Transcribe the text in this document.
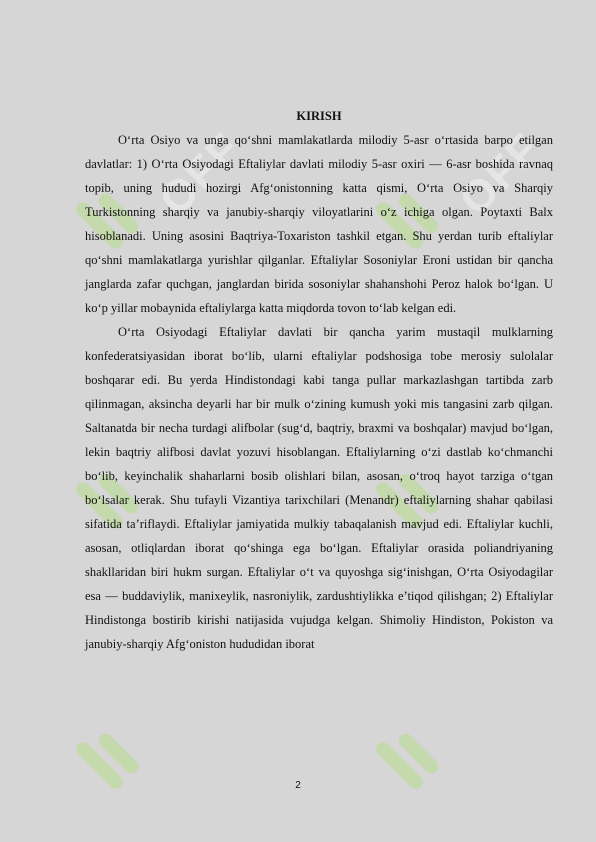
OFF	OFF
KIRISH

O‘rta Osiyo va unga qo‘shni mamlakatlarda milodiy 5-asr o‘rtasida barpo etilgan davlatlar: 1) O‘rta Osiyodagi Eftaliylar davlati milodiy 5-asr oxiri — 6-asr boshida ravnaq topib, uning hududi hozirgi Afg‘onistonning katta qismi, O‘rta Osiyo va Sharqiy Turkistonning sharqiy va janubiy-sharqiy viloyatlarini o‘z ichiga olgan. Poytaxti Balx hisoblanadi. Uning asosini Baqtriya-Toxariston tashkil etgan. Shu yerdan turib eftaliylar qo‘shni mamlakatlarga yurishlar qilganlar. Eftaliylar Sosoniylar Eroni ustidan bir qancha janglarda zafar quchgan, janglardan birida sosoniylar shahanshohi Peroz halok bo‘lgan. U ko‘p yillar mobaynida eftaliylarga katta miqdorda tovon to‘lab kelgan edi.

O‘rta Osiyodagi Eftaliylar davlati bir qancha yarim mustaqil mulklarning konfederatsiyasidan iborat bo‘lib, ularni eftaliylar podshosiga tobe merosiy sulolalar boshqarar edi. Bu yerda Hindistondagi kabi tanga pullar markazlashgan tartibda zarb qilinmagan, aksincha deyarli har bir mulk o‘zining kumush yoki mis tangasini zarb qilgan. Saltanatda bir necha turdagi alifbolar (sug‘d, baqtriy, braxmi va boshqalar) mavjud bo‘lgan, lekin baqtriy alifbosi davlat yozuvi hisoblangan. Eftaliylarning o‘zi dastlab ko‘chmanchi bo‘lib, keyinchalik shaharlarni bosib olishlari bilan, asosan, o‘troq hayot tarziga o‘tgan bo‘lsalar kerak. Shu tufayli Vizantiya tarixchilari (Menandr) eftaliylarning shahar qabilasi sifatida ta’riflaydi. Eftaliylar jamiyatida mulkiy tabaqalanish mavjud edi. Eftaliylar kuchli, asosan, otliqlardan iborat qo‘shinga ega bo‘lgan. Eftaliylar orasida poliandriyaning shakllaridan biri hukm surgan. Eftaliylar o‘t va quyoshga sig‘inishgan, O‘rta Osiyodagilar esa — buddaviylik, manixeylik, nasroniylik, zardushtiylikka e’tiqod qilishgan; 2) Eftaliylar Hindistonga bostirib kirishi natijasida vujudga kelgan. Shimoliy Hindiston, Pokiston va janubiy-sharqiy Afg‘oniston hududidan iborat

2
